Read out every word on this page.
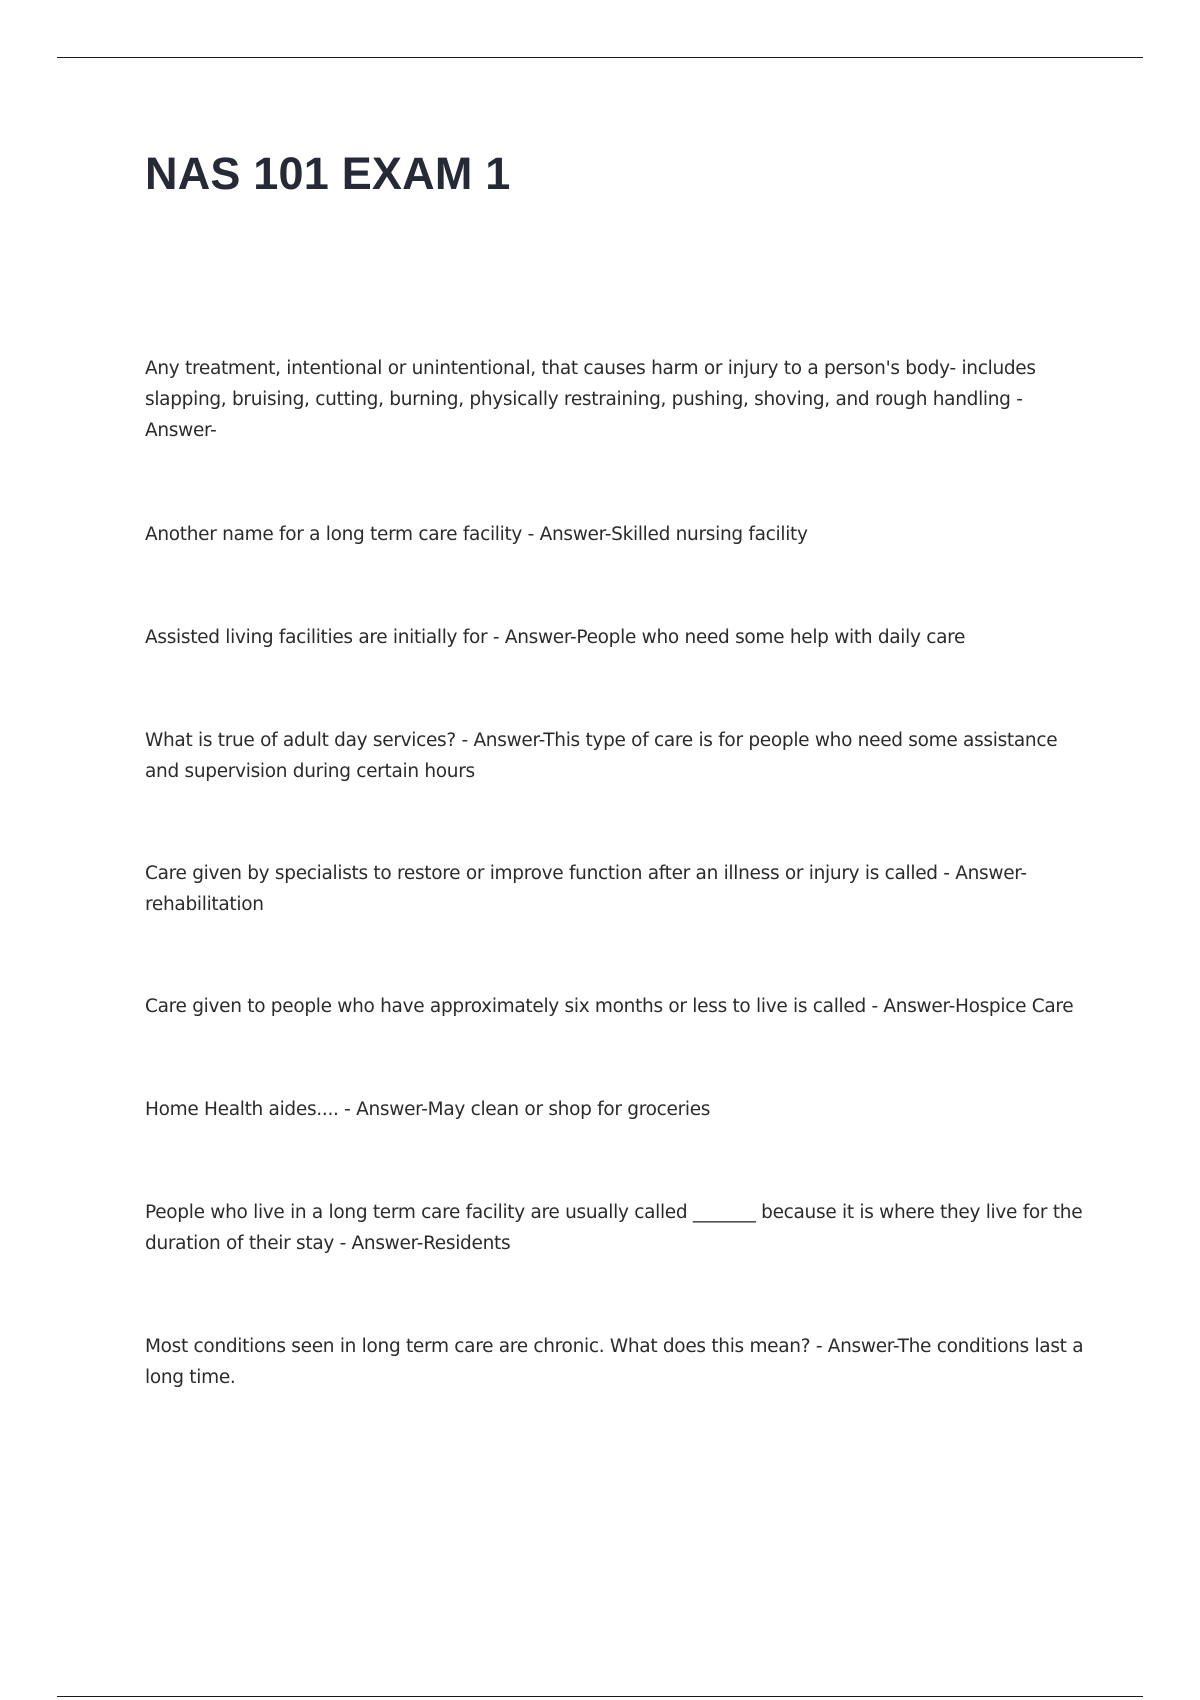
NAS 101 EXAM 1

Any treatment, intentional or unintentional, that causes harm or injury to a person's body- includes slapping, bruising, cutting, burning, physically restraining, pushing, shoving, and rough handling - Answer-

Another name for a long term care facility - Answer-Skilled nursing facility

Assisted living facilities are initially for - Answer-People who need some help with daily care

What is true of adult day services? - Answer-This type of care is for people who need some assistance and supervision during certain hours

Care given by specialists to restore or improve function after an illness or injury is called - Answer-rehabilitation

Care given to people who have approximately six months or less to live is called - Answer-Hospice Care

Home Health aides.... - Answer-May clean or shop for groceries

People who live in a long term care facility are usually called _______ because it is where they live for the duration of their stay - Answer-Residents

Most conditions seen in long term care are chronic. What does this mean? - Answer-The conditions last a long time.
